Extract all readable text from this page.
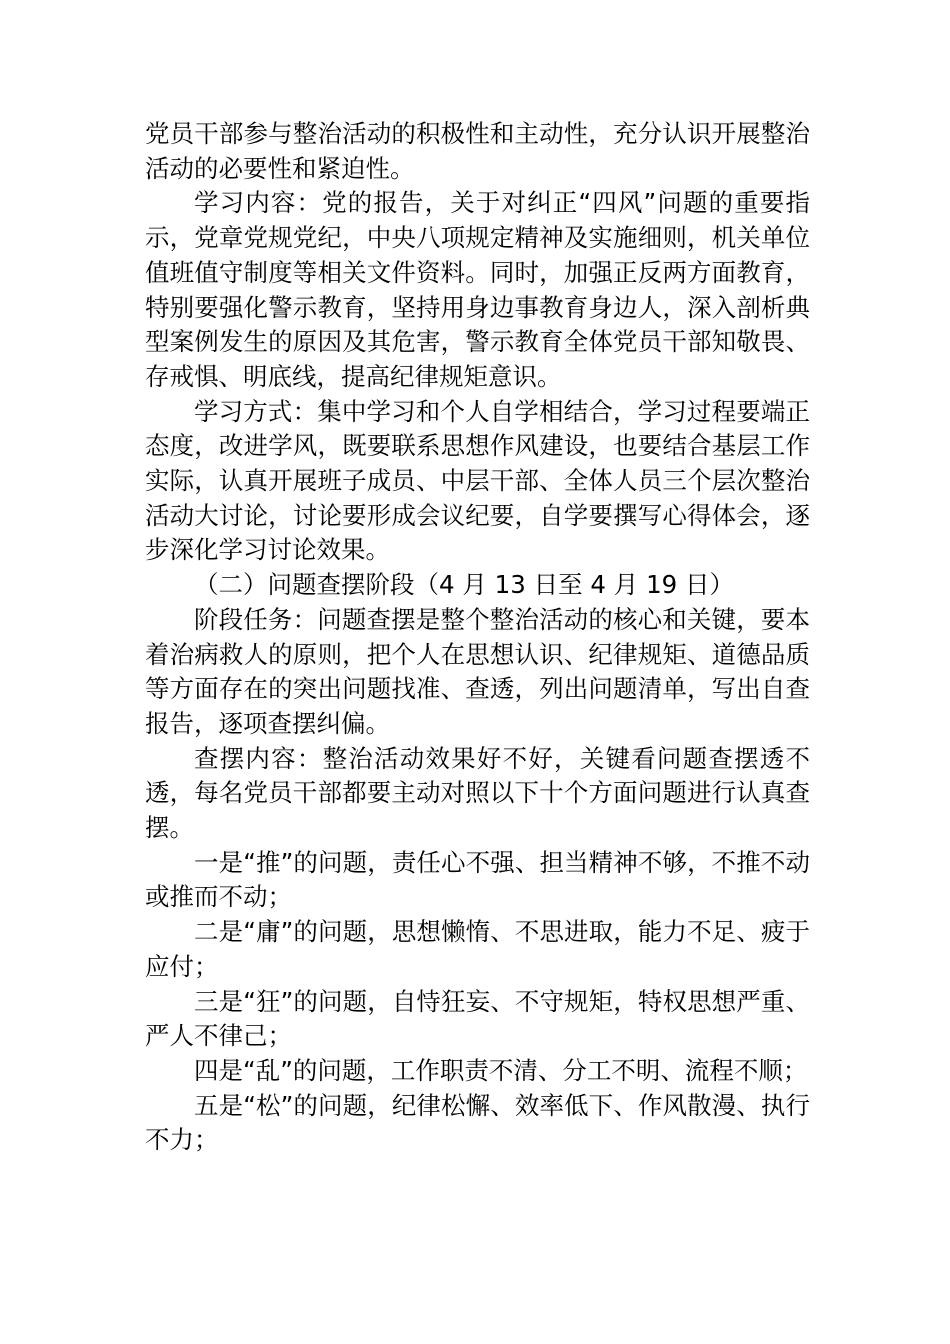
党员干部参与整治活动的积极性和主动性，充分认识开展整治活动的必要性和紧迫性。

学习内容：党的报告，关于对纠正“四风”问题的重要指示，党章党规党纪，中央八项规定精神及实施细则，机关单位值班值守制度等相关文件资料。同时，加强正反两方面教育，特别要强化警示教育，坚持用身边事教育身边人，深入剖析典型案例发生的原因及其危害，警示教育全体党员干部知敬畏、存戒惧、明底线，提高纪律规矩意识。

学习方式：集中学习和个人自学相结合，学习过程要端正态度，改进学风，既要联系思想作风建设，也要结合基层工作实际，认真开展班子成员、中层干部、全体人员三个层次整治活动大讨论，讨论要形成会议纪要，自学要撰写心得体会，逐步深化学习讨论效果。

（二）问题查摆阶段（4 月 13 日至 4 月 19 日）

阶段任务：问题查摆是整个整治活动的核心和关键，要本着治病救人的原则，把个人在思想认识、纪律规矩、道德品质等方面存在的突出问题找准、查透，列出问题清单，写出自查报告，逐项查摆纠偏。

查摆内容：整治活动效果好不好，关键看问题查摆透不透，每名党员干部都要主动对照以下十个方面问题进行认真查摆。

一是“推”的问题，责任心不强、担当精神不够，不推不动或推而不动；

二是“庸”的问题，思想懒惰、不思进取，能力不足、疲于应付；

三是“狂”的问题，自恃狂妄、不守规矩，特权思想严重、严人不律己；

四是“乱”的问题，工作职责不清、分工不明、流程不顺；

五是“松”的问题，纪律松懈、效率低下、作风散漫、执行不力；
